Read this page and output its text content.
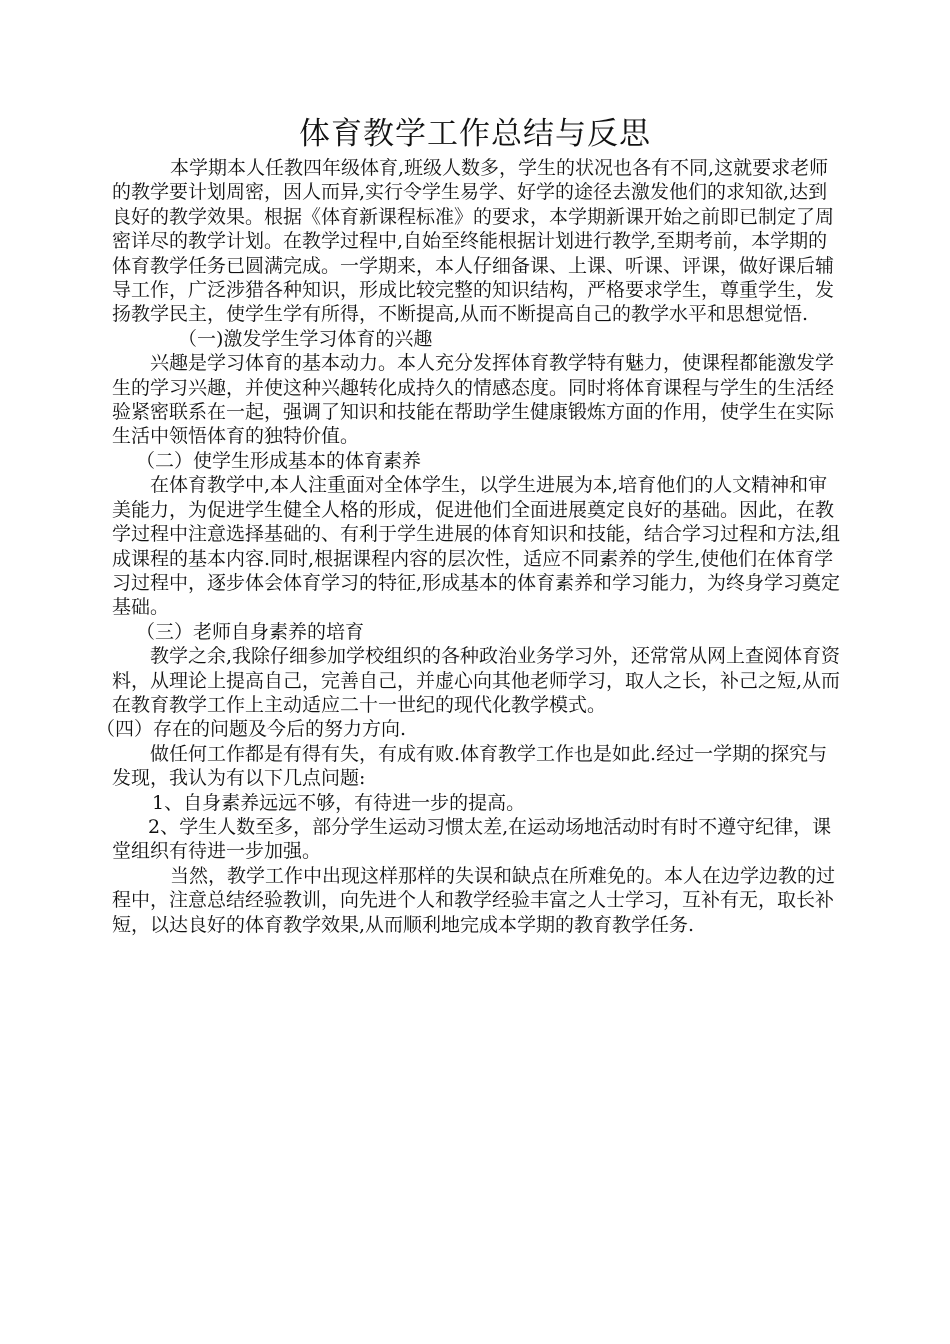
体育教学工作总结与反思

本学期本人任教四年级体育,班级人数多，学生的状况也各有不同,这就要求老师的教学要计划周密，因人而异,实行令学生易学、好学的途径去激发他们的求知欲,达到良好的教学效果。根据《体育新课程标准》的要求，本学期新课开始之前即已制定了周密详尽的教学计划。在教学过程中,自始至终能根据计划进行教学,至期考前，本学期的体育教学任务已圆满完成。一学期来，本人仔细备课、上课、听课、评课，做好课后辅导工作，广泛涉猎各种知识，形成比较完整的知识结构，严格要求学生，尊重学生，发扬教学民主，使学生学有所得，不断提高,从而不断提高自己的教学水平和思想觉悟.

（一)激发学生学习体育的兴趣

兴趣是学习体育的基本动力。本人充分发挥体育教学特有魅力，使课程都能激发学生的学习兴趣，并使这种兴趣转化成持久的情感态度。同时将体育课程与学生的生活经验紧密联系在一起，强调了知识和技能在帮助学生健康锻炼方面的作用，使学生在实际生活中领悟体育的独特价值。

（二）使学生形成基本的体育素养

在体育教学中,本人注重面对全体学生，以学生进展为本,培育他们的人文精神和审美能力，为促进学生健全人格的形成，促进他们全面进展奠定良好的基础。因此，在教学过程中注意选择基础的、有利于学生进展的体育知识和技能，结合学习过程和方法,组成课程的基本内容.同时,根据课程内容的层次性，适应不同素养的学生,使他们在体育学习过程中，逐步体会体育学习的特征,形成基本的体育素养和学习能力，为终身学习奠定基础。

（三）老师自身素养的培育

教学之余,我除仔细参加学校组织的各种政治业务学习外，还常常从网上查阅体育资料，从理论上提高自己，完善自己，并虚心向其他老师学习，取人之长，补己之短,从而在教育教学工作上主动适应二十一世纪的现代化教学模式。

（四）存在的问题及今后的努力方向.

做任何工作都是有得有失，有成有败.体育教学工作也是如此.经过一学期的探究与发现，我认为有以下几点问题:

1、自身素养远远不够，有待进一步的提高。

2、学生人数至多，部分学生运动习惯太差,在运动场地活动时有时不遵守纪律，课堂组织有待进一步加强。

当然，教学工作中出现这样那样的失误和缺点在所难免的。本人在边学边教的过程中，注意总结经验教训，向先进个人和教学经验丰富之人士学习，互补有无，取长补短，以达良好的体育教学效果,从而顺利地完成本学期的教育教学任务.
